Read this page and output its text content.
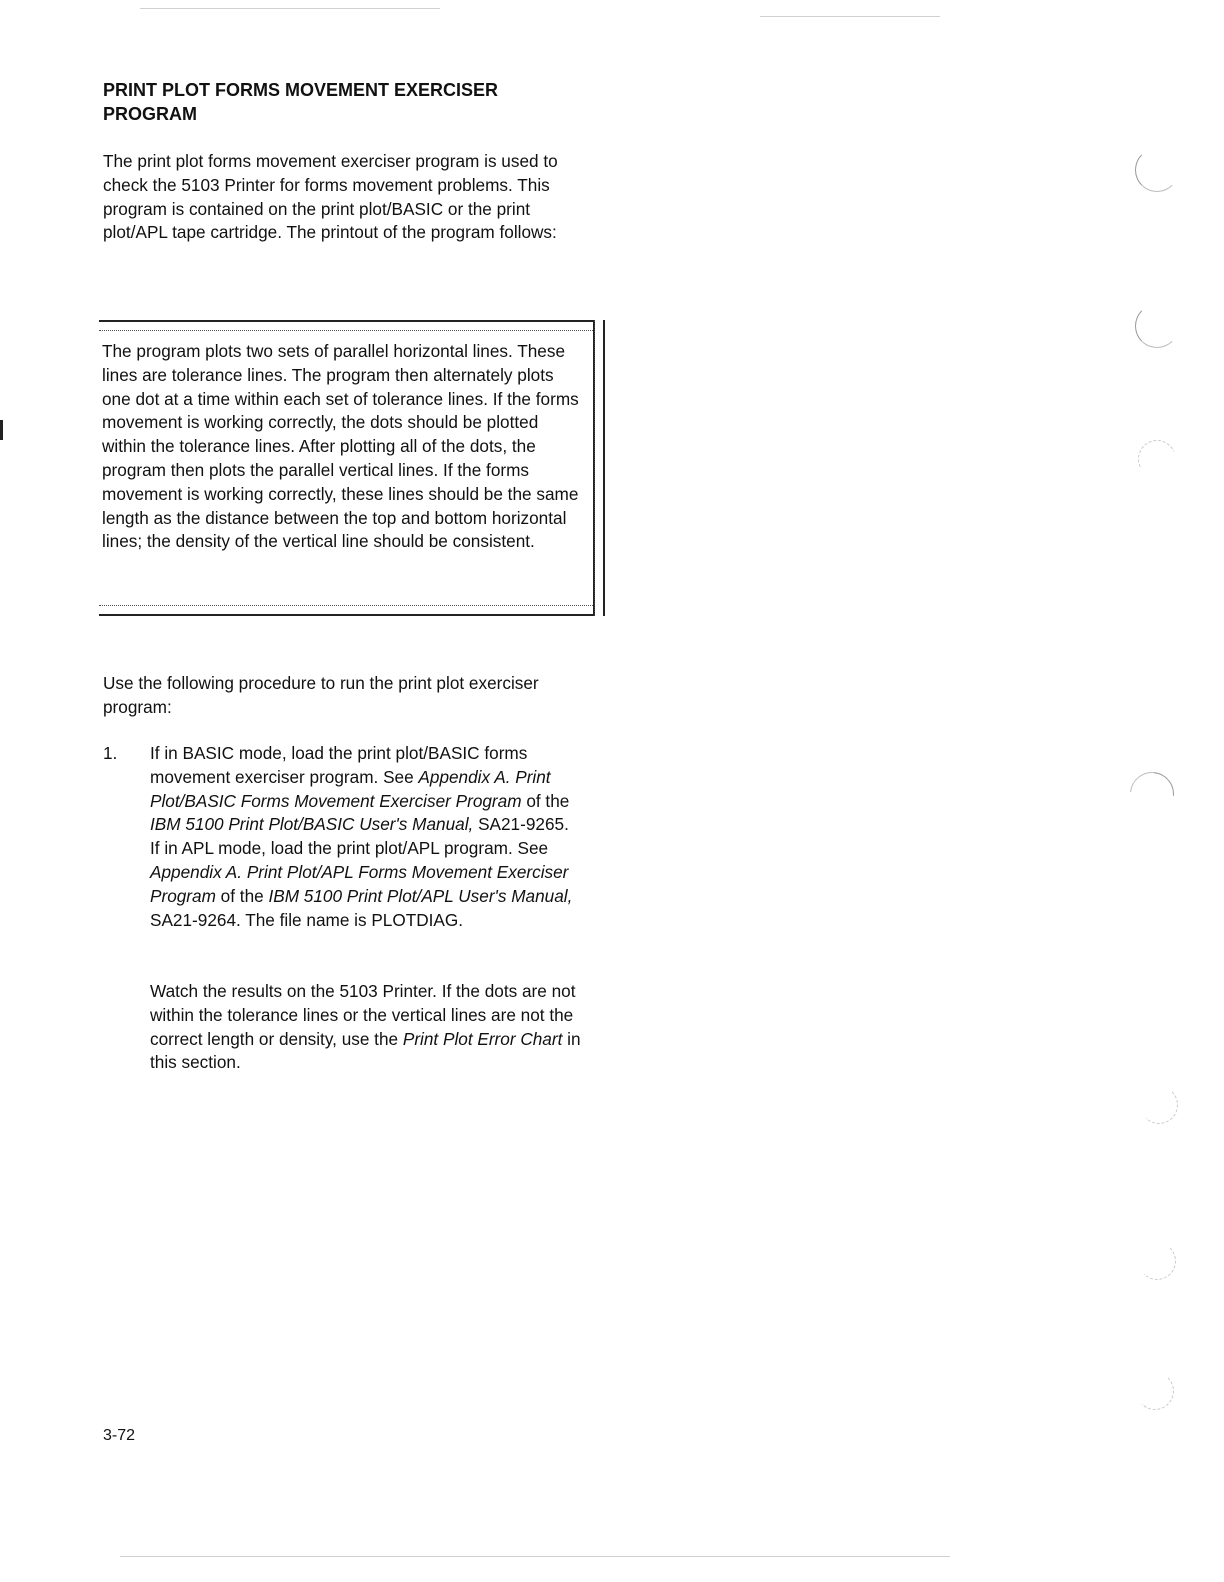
PRINT PLOT FORMS MOVEMENT EXERCISER
PROGRAM

The print plot forms movement exerciser program is used to check the 5103 Printer for forms movement problems. This program is contained on the print plot/BASIC or the print plot/APL tape cartridge. The printout of the program follows:

The program plots two sets of parallel horizontal lines. These lines are tolerance lines. The program then alternately plots one dot at a time within each set of tolerance lines. If the forms movement is working correctly, the dots should be plotted within the tolerance lines. After plotting all of the dots, the program then plots the parallel vertical lines. If the forms movement is working correctly, these lines should be the same length as the distance between the top and bottom horizontal lines; the density of the vertical line should be consistent.

Use the following procedure to run the print plot exerciser program:

1. If in BASIC mode, load the print plot/BASIC forms movement exerciser program. See Appendix A. Print Plot/BASIC Forms Movement Exerciser Program of the IBM 5100 Print Plot/BASIC User's Manual, SA21-9265. If in APL mode, load the print plot/APL program. See Appendix A. Print Plot/APL Forms Movement Exerciser Program of the IBM 5100 Print Plot/APL User's Manual, SA21-9264. The file name is PLOTDIAG.

Watch the results on the 5103 Printer. If the dots are not within the tolerance lines or the vertical lines are not the correct length or density, use the Print Plot Error Chart in this section.

3-72
